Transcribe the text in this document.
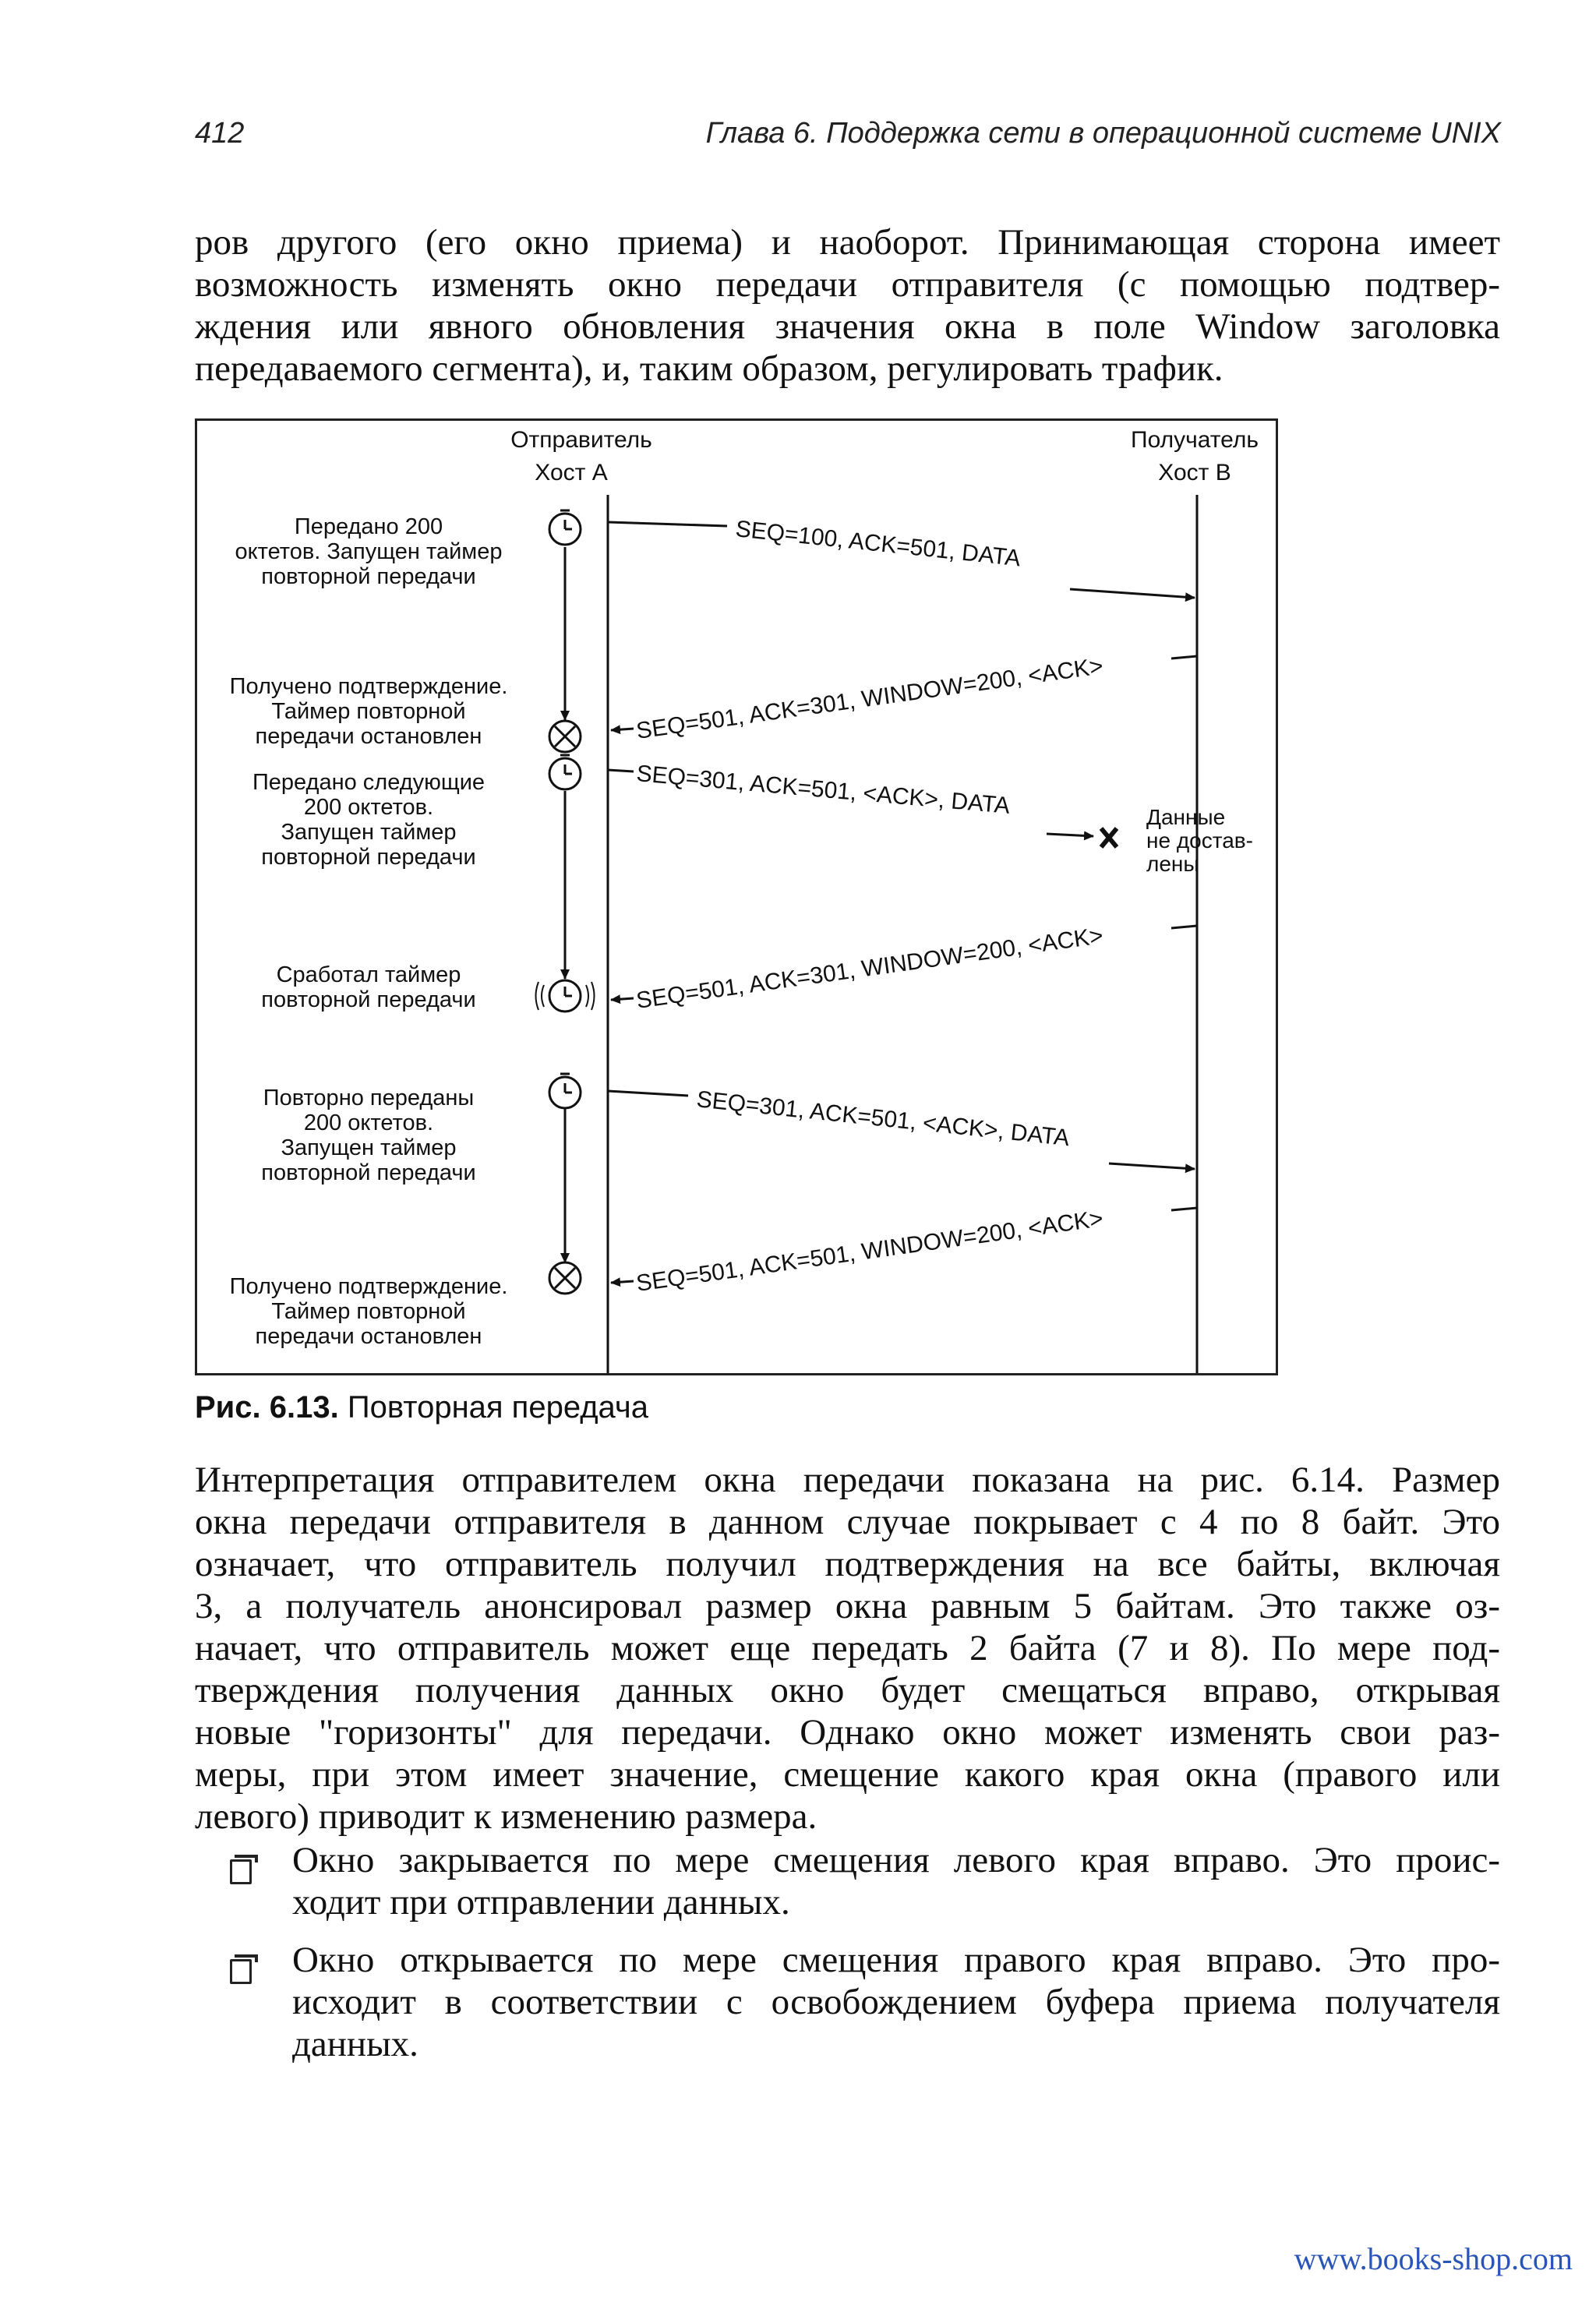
412	Глава 6. Поддержка сети в операционной системе UNIX
ров другого (его окно приема) и наоборот. Принимающая сторона имеет
возможность изменять окно передачи отправителя (с помощью подтвер-
ждения или явного обновления значения окна в поле Window заголовка
передаваемого сегмента), и, таким образом, регулировать трафик.
Отправитель
Хост А
Получатель
Хост В
Передано 200
октетов. Запущен таймер
повторной передачи
Получено подтверждение.
Таймер повторной
передачи остановлен
Передано следующие
200 октетов.
Запущен таймер
повторной передачи
Сработал таймер
повторной передачи
Повторно переданы
200 октетов.
Запущен таймер
повторной передачи
Получено подтверждение.
Таймер повторной
передачи остановлен
SEQ=100, ACK=501, DATA
SEQ=501, ACK=301, WINDOW=200, <ACK>
SEQ=301, ACK=501, <ACK>, DATA	Данные
не достав-
лены
SEQ=501, ACK=301, WINDOW=200, <ACK>
SEQ=301, ACK=501, <ACK>, DATA
SEQ=501, ACK=501, WINDOW=200, <ACK>
Рис. 6.13. Повторная передача
Интерпретация отправителем окна передачи показана на рис. 6.14. Размер
окна передачи отправителя в данном случае покрывает с 4 по 8 байт. Это
означает, что отправитель получил подтверждения на все байты, включая
3, а получатель анонсировал размер окна равным 5 байтам. Это также оз-
начает, что отправитель может еще передать 2 байта (7 и 8). По мере под-
тверждения получения данных окно будет смещаться вправо, открывая
новые "горизонты" для передачи. Однако окно может изменять свои раз-
меры, при этом имеет значение, смещение какого края окна (правого или
левого) приводит к изменению размера.
Окно закрывается по мере смещения левого края вправо. Это проис-
ходит при отправлении данных.
Окно открывается по мере смещения правого края вправо. Это про-
исходит в соответствии с освобождением буфера приема получателя
данных.
www.books-shop.com
